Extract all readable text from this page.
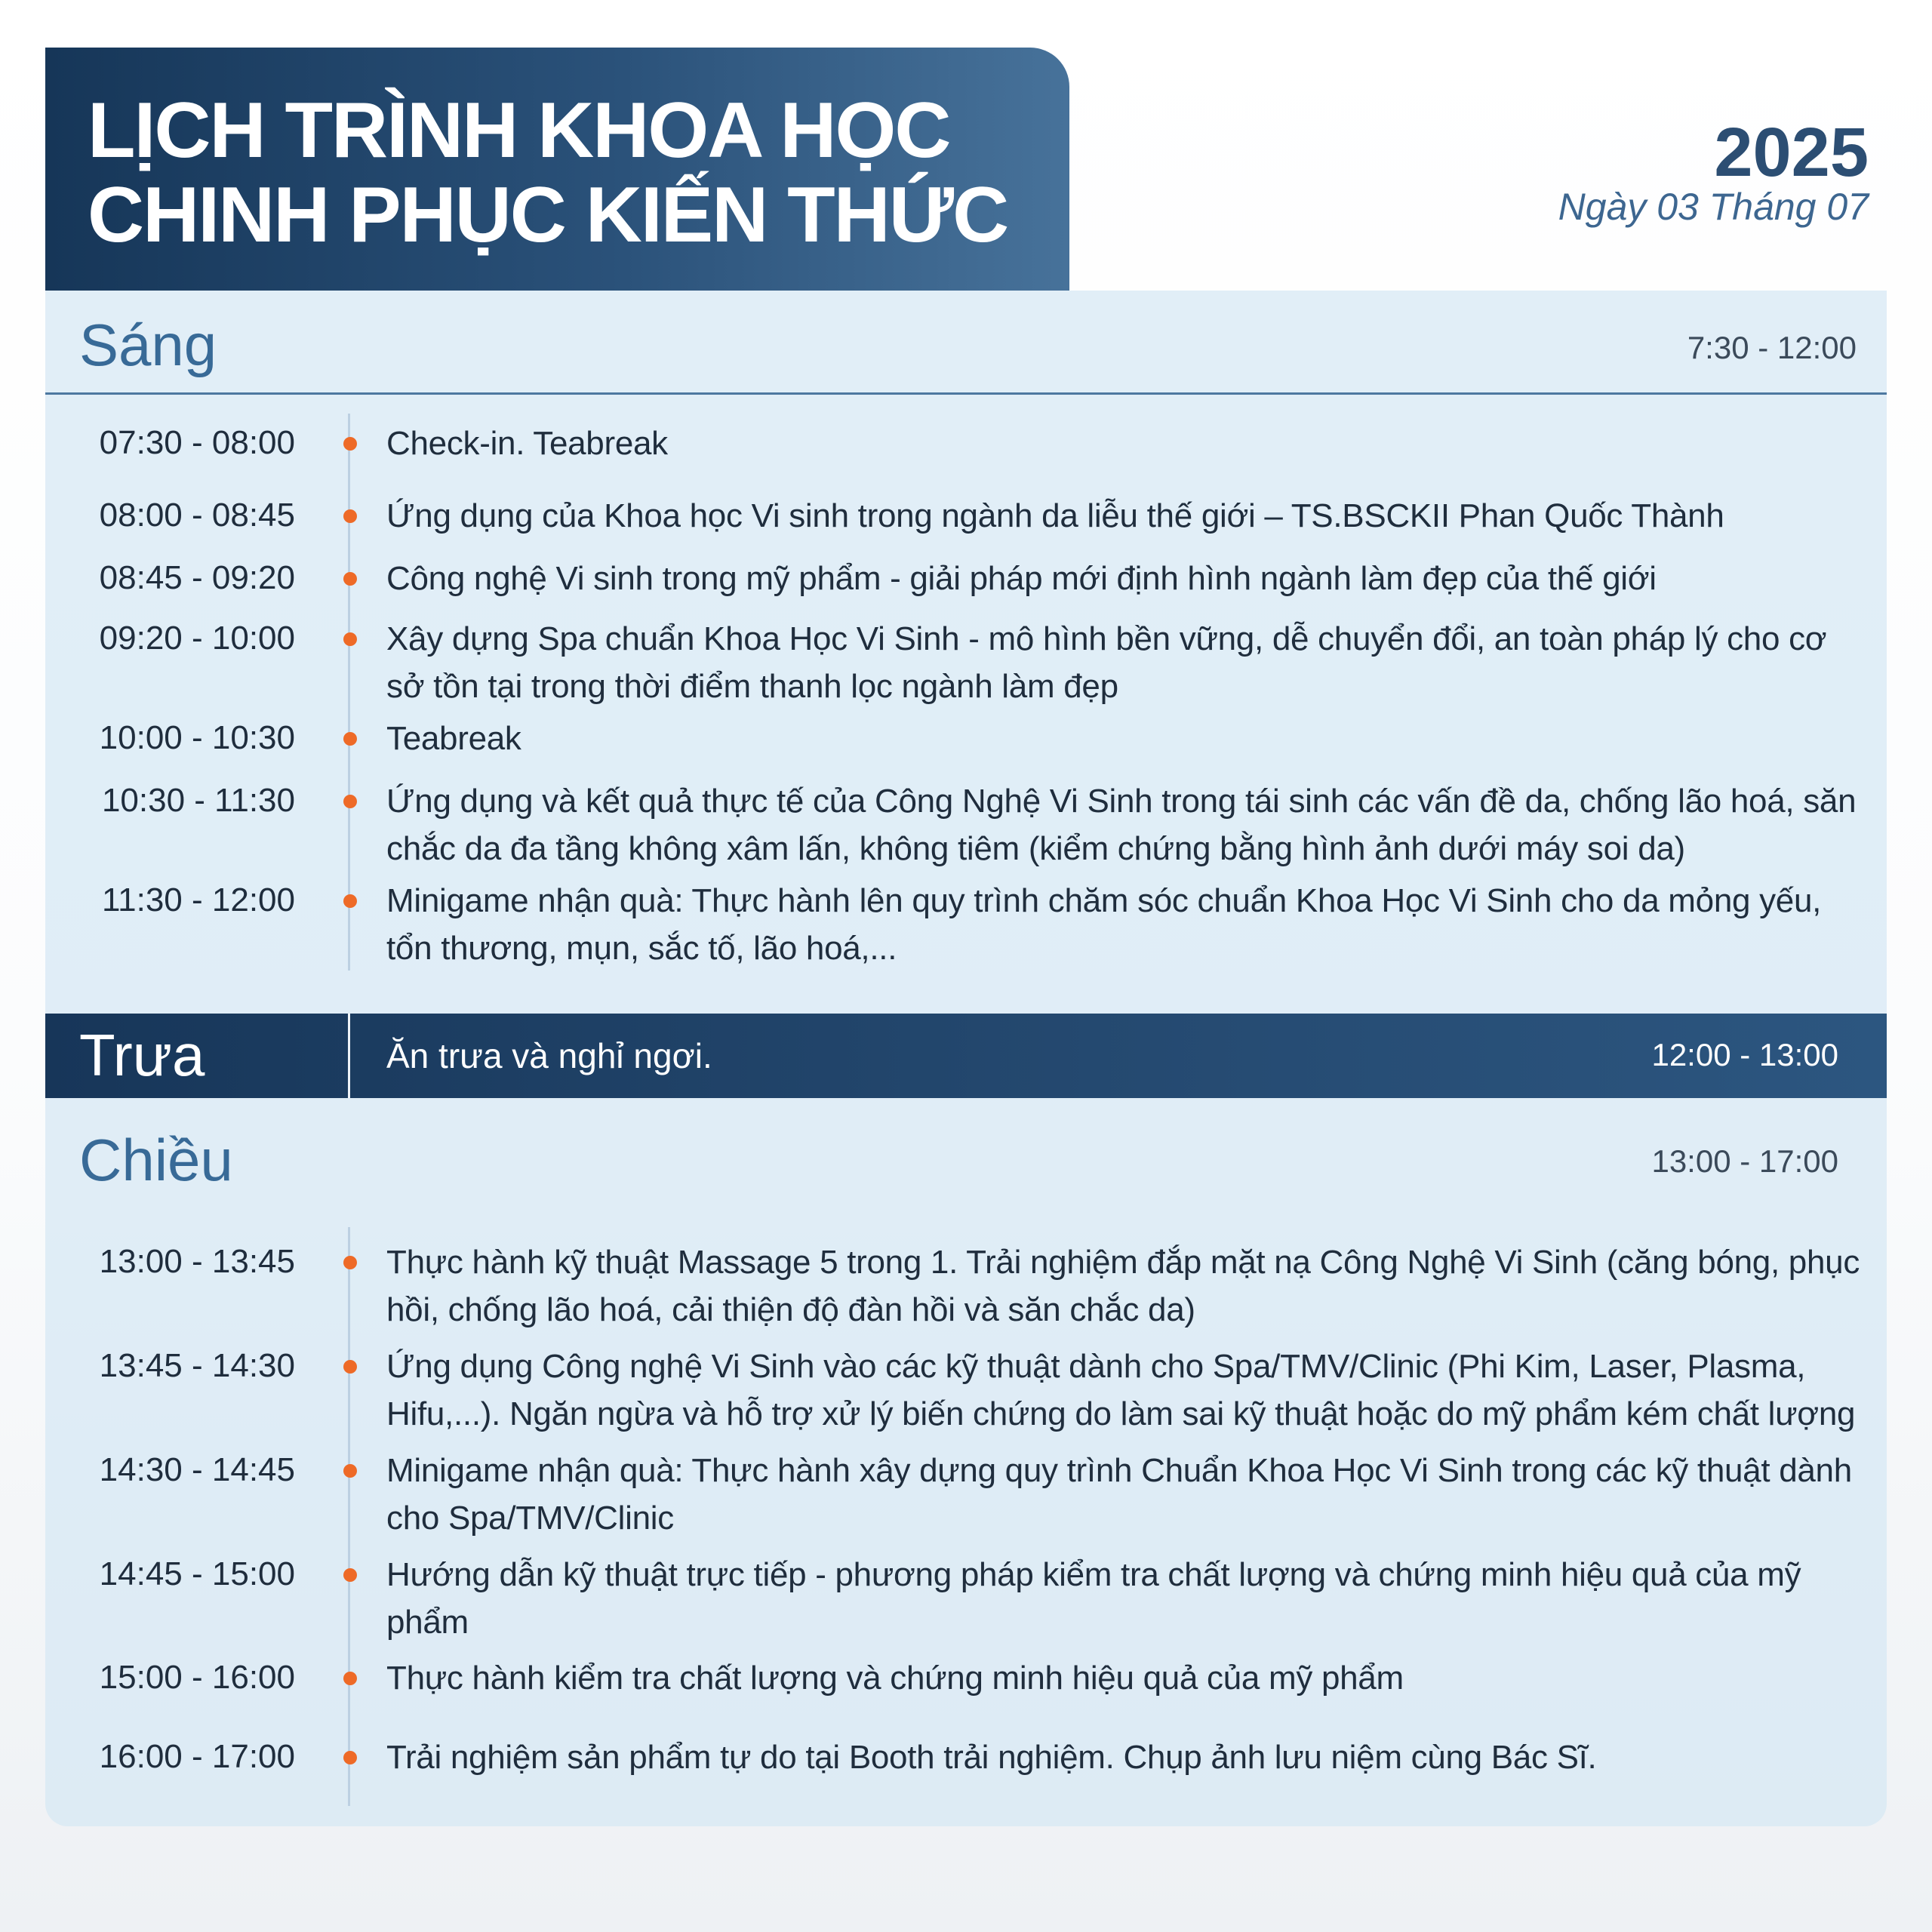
LỊCH TRÌNH KHOA HỌC
CHINH PHỤC KIẾN THỨC
2025
Ngày 03 Tháng 07
Sáng	7:30 - 12:00
07:30 - 08:00	Check-in. Teabreak
08:00 - 08:45	Ứng dụng của Khoa học Vi sinh trong ngành da liễu thế giới – TS.BSCKII Phan Quốc Thành
08:45 - 09:20	Công nghệ Vi sinh trong mỹ phẩm - giải pháp mới định hình ngành làm đẹp của thế giới
09:20 - 10:00	Xây dựng Spa chuẩn Khoa Học Vi Sinh - mô hình bền vững, dễ chuyển đổi, an toàn pháp lý cho cơ sở tồn tại trong thời điểm thanh lọc ngành làm đẹp
10:00 - 10:30	Teabreak
10:30 - 11:30	Ứng dụng và kết quả thực tế của Công Nghệ Vi Sinh trong tái sinh các vấn đề da, chống lão hoá, săn chắc da đa tầng không xâm lấn, không tiêm (kiểm chứng bằng hình ảnh dưới máy soi da)
11:30 - 12:00	Minigame nhận quà: Thực hành lên quy trình chăm sóc chuẩn Khoa Học Vi Sinh cho da mỏng yếu, tổn thương, mụn, sắc tố, lão hoá,...
Trưa	Ăn trưa và nghỉ ngơi.	12:00 - 13:00
Chiều	13:00 - 17:00
13:00 - 13:45	Thực hành kỹ thuật Massage 5 trong 1. Trải nghiệm đắp mặt nạ Công Nghệ Vi Sinh (căng bóng, phục hồi, chống lão hoá, cải thiện độ đàn hồi và săn chắc da)
13:45 - 14:30	Ứng dụng Công nghệ Vi Sinh vào các kỹ thuật dành cho Spa/TMV/Clinic (Phi Kim, Laser, Plasma, Hifu,...). Ngăn ngừa và hỗ trợ xử lý biến chứng do làm sai kỹ thuật hoặc do mỹ phẩm kém chất lượng
14:30 - 14:45	Minigame nhận quà: Thực hành xây dựng quy trình Chuẩn Khoa Học Vi Sinh trong các kỹ thuật dành cho Spa/TMV/Clinic
14:45 - 15:00	Hướng dẫn kỹ thuật trực tiếp - phương pháp kiểm tra chất lượng và chứng minh hiệu quả của mỹ phẩm
15:00 - 16:00	Thực hành kiểm tra chất lượng và chứng minh hiệu quả của mỹ phẩm
16:00 - 17:00	Trải nghiệm sản phẩm tự do tại Booth trải nghiệm. Chụp ảnh lưu niệm cùng Bác Sĩ.
